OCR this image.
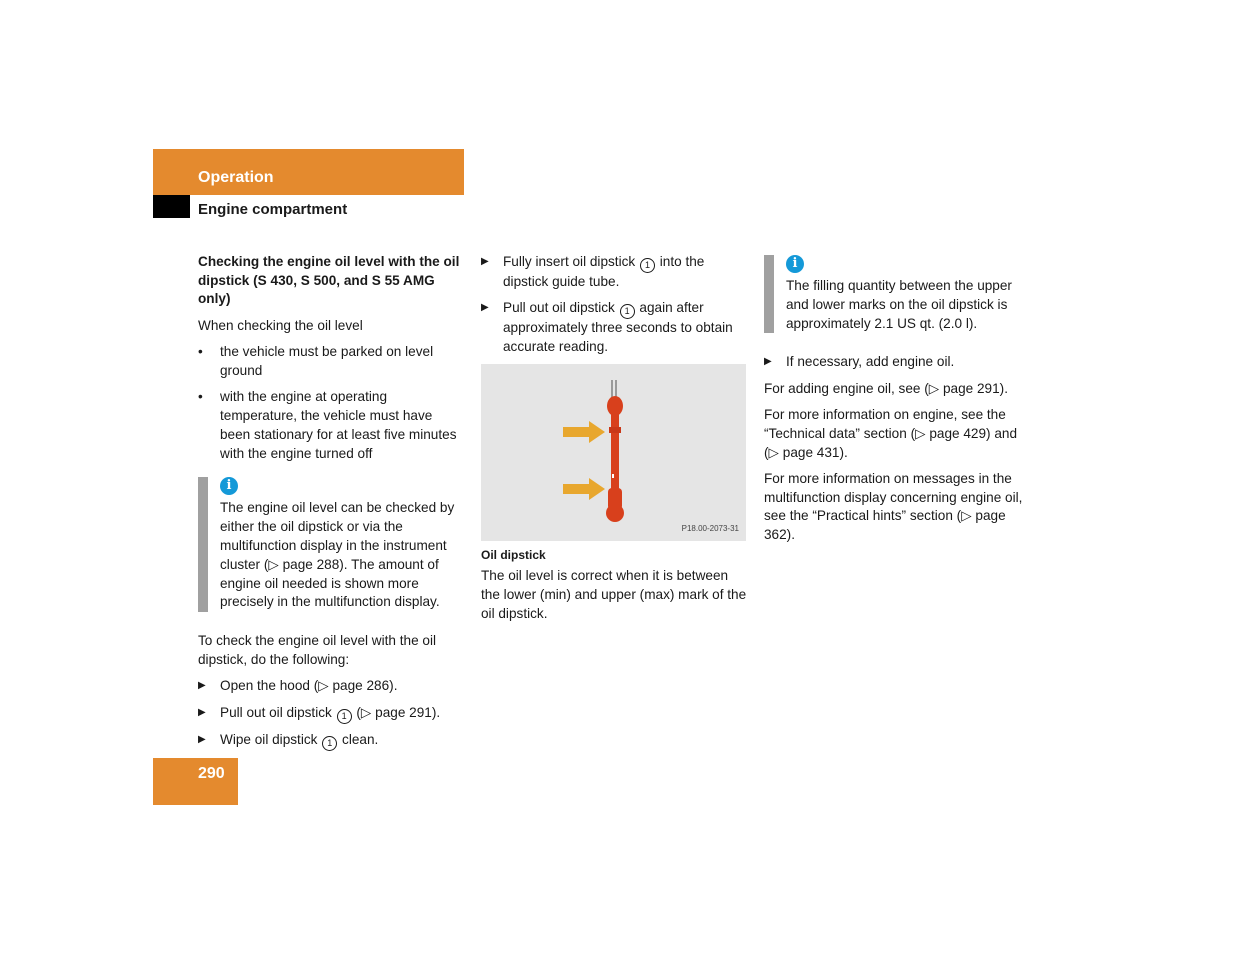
Operation
Engine compartment
Checking the engine oil level with the oil dipstick (S 430, S 500, and S 55 AMG only)

When checking the oil level

•	the vehicle must be parked on level ground
•	with the engine at operating temperature, the vehicle must have been stationary for at least five minutes with the engine turned off
i
The engine oil level can be checked by either the oil dipstick or via the multifunction display in the instrument cluster (▷ page 288). The amount of engine oil needed is shown more precisely in the multifunction display.

To check the engine oil level with the oil dipstick, do the following:

▶	Open the hood (▷ page 286).
▶	Pull out oil dipstick 1 (▷ page 291).
▶	Wipe oil dipstick 1 clean.
▶	Fully insert oil dipstick 1 into the dipstick guide tube.
▶	Pull out oil dipstick 1 again after approximately three seconds to obtain accurate reading.
P18.00-2073-31
Oil dipstick

The oil level is correct when it is between the lower (min) and upper (max) mark of the oil dipstick.

i
The filling quantity between the upper and lower marks on the oil dipstick is approximately 2.1 US qt. (2.0 l).
▶	If necessary, add engine oil.

For adding engine oil, see (▷ page 291).

For more information on engine, see the “Technical data” section (▷ page 429) and (▷ page 431).

For more information on messages in the multifunction display concerning engine oil, see the “Practical hints” section (▷ page 362).

290
